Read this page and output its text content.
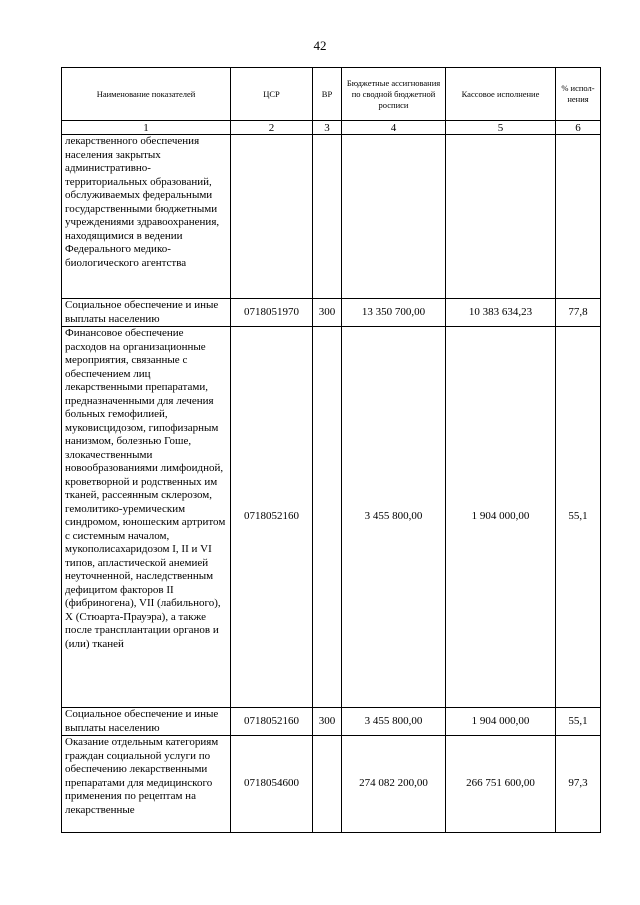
42
Наименование показателей	ЦСР	ВР	Бюджетные ассигнования по сводной бюджетной росписи	Кассовое исполнение	% испол-нения
1	2	3	4	5	6
лекарственного обеспечения населения закрытых административно-территориальных образований, обслуживаемых федеральными государственными бюджетными учреждениями здравоохранения, находящимися в ведении Федерального медико-биологического агентства					
Социальное обеспечение и иные выплаты населению	0718051970	300	13 350 700,00	10 383 634,23	77,8
Финансовое обеспечение расходов на организационные мероприятия, связанные с обеспечением лиц лекарственными препаратами, предназначенными для лечения больных гемофилией, муковисцидозом, гипофизарным нанизмом, болезнью Гоше, злокачественными новообразованиями лимфоидной, кроветворной и родственных им тканей, рассеянным склерозом, гемолитико-уремическим синдромом, юношеским артритом с системным началом, мукополисахаридозом I, II и VI типов, апластической анемией неуточненной, наследственным дефицитом факторов II (фибриногена), VII (лабильного), X (Стюарта-Прауэра), а также после трансплантации органов и (или) тканей	0718052160		3 455 800,00	1 904 000,00	55,1
Социальное обеспечение и иные выплаты населению	0718052160	300	3 455 800,00	1 904 000,00	55,1
Оказание отдельным категориям граждан социальной услуги по обеспечению лекарственными препаратами для медицинского применения по рецептам на лекарственные	0718054600		274 082 200,00	266 751 600,00	97,3
